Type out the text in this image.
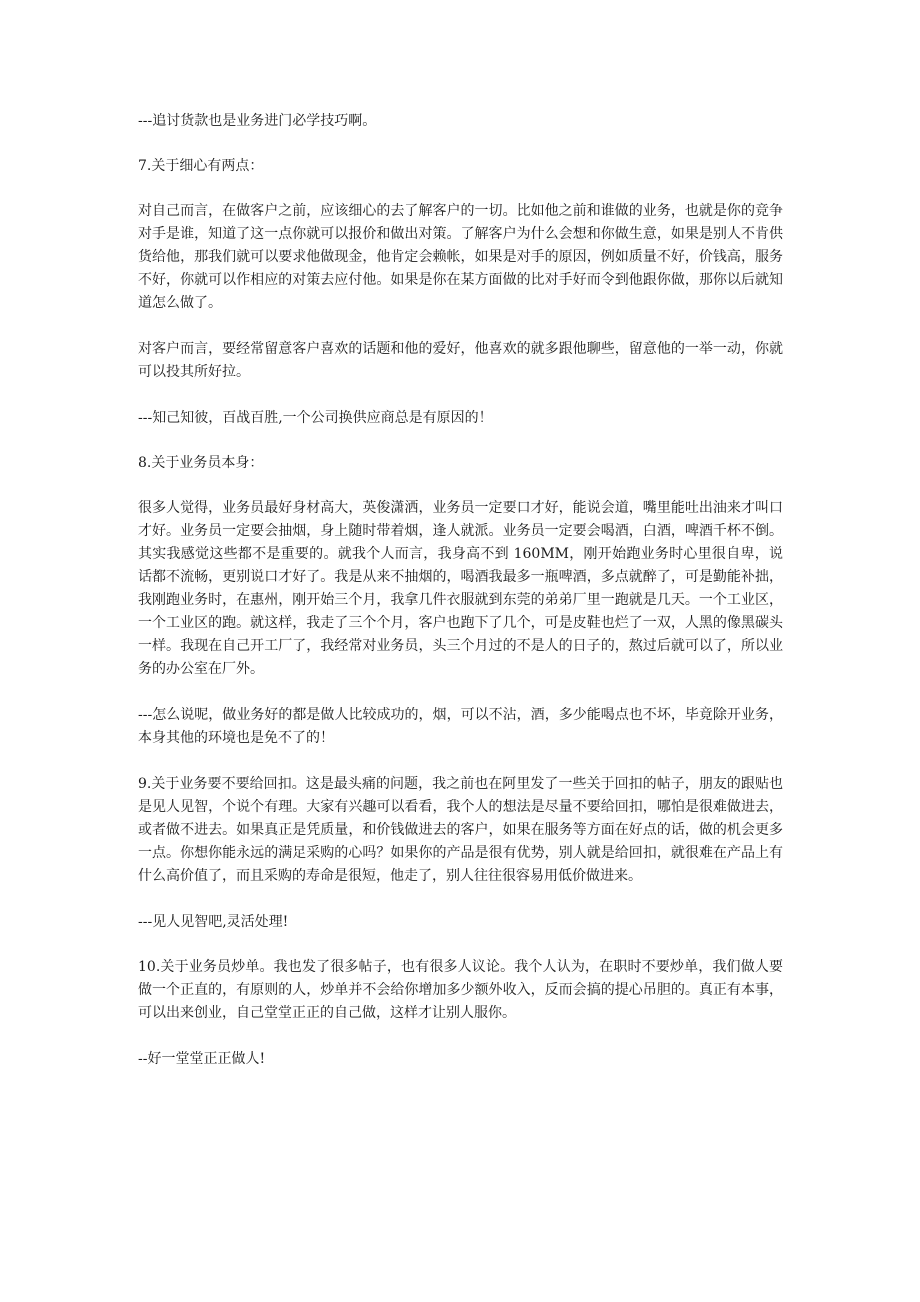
---追讨货款也是业务进门必学技巧啊。

7.关于细心有两点：

对自己而言，在做客户之前，应该细心的去了解客户的一切。比如他之前和谁做的业务，也就是你的竞争对手是谁，知道了这一点你就可以报价和做出对策。了解客户为什么会想和你做生意，如果是别人不肯供货给他，那我们就可以要求他做现金，他肯定会赖帐，如果是对手的原因，例如质量不好，价钱高，服务不好，你就可以作相应的对策去应付他。如果是你在某方面做的比对手好而令到他跟你做，那你以后就知道怎么做了。

对客户而言，要经常留意客户喜欢的话题和他的爱好，他喜欢的就多跟他聊些，留意他的一举一动，你就可以投其所好拉。

---知己知彼，百战百胜,一个公司换供应商总是有原因的！

8.关于业务员本身：

很多人觉得，业务员最好身材高大，英俊潇洒，业务员一定要口才好，能说会道，嘴里能吐出油来才叫口才好。业务员一定要会抽烟，身上随时带着烟，逢人就派。业务员一定要会喝酒，白酒，啤酒千杯不倒。其实我感觉这些都不是重要的。就我个人而言，我身高不到 160MM，刚开始跑业务时心里很自卑，说话都不流畅，更别说口才好了。我是从来不抽烟的，喝酒我最多一瓶啤酒，多点就醉了，可是勤能补拙，我刚跑业务时，在惠州，刚开始三个月，我拿几件衣服就到东莞的弟弟厂里一跑就是几天。一个工业区，一个工业区的跑。就这样，我走了三个个月，客户也跑下了几个，可是皮鞋也烂了一双，人黑的像黑碳头一样。我现在自己开工厂了，我经常对业务员，头三个月过的不是人的日子的，熬过后就可以了，所以业务的办公室在厂外。

---怎么说呢，做业务好的都是做人比较成功的，烟，可以不沾，酒，多少能喝点也不坏，毕竟除开业务，本身其他的环境也是免不了的！

9.关于业务要不要给回扣。这是最头痛的问题，我之前也在阿里发了一些关于回扣的帖子，朋友的跟贴也是见人见智，个说个有理。大家有兴趣可以看看，我个人的想法是尽量不要给回扣，哪怕是很难做进去，或者做不进去。如果真正是凭质量，和价钱做进去的客户，如果在服务等方面在好点的话，做的机会更多一点。你想你能永远的满足采购的心吗？如果你的产品是很有优势，别人就是给回扣，就很难在产品上有什么高价值了，而且采购的寿命是很短，他走了，别人往往很容易用低价做进来。

---见人见智吧,灵活处理!

10.关于业务员炒单。我也发了很多帖子，也有很多人议论。我个人认为，在职时不要炒单，我们做人要做一个正直的，有原则的人，炒单并不会给你增加多少额外收入，反而会搞的提心吊胆的。真正有本事，可以出来创业，自己堂堂正正的自己做，这样才让别人服你。

--好一堂堂正正做人!
